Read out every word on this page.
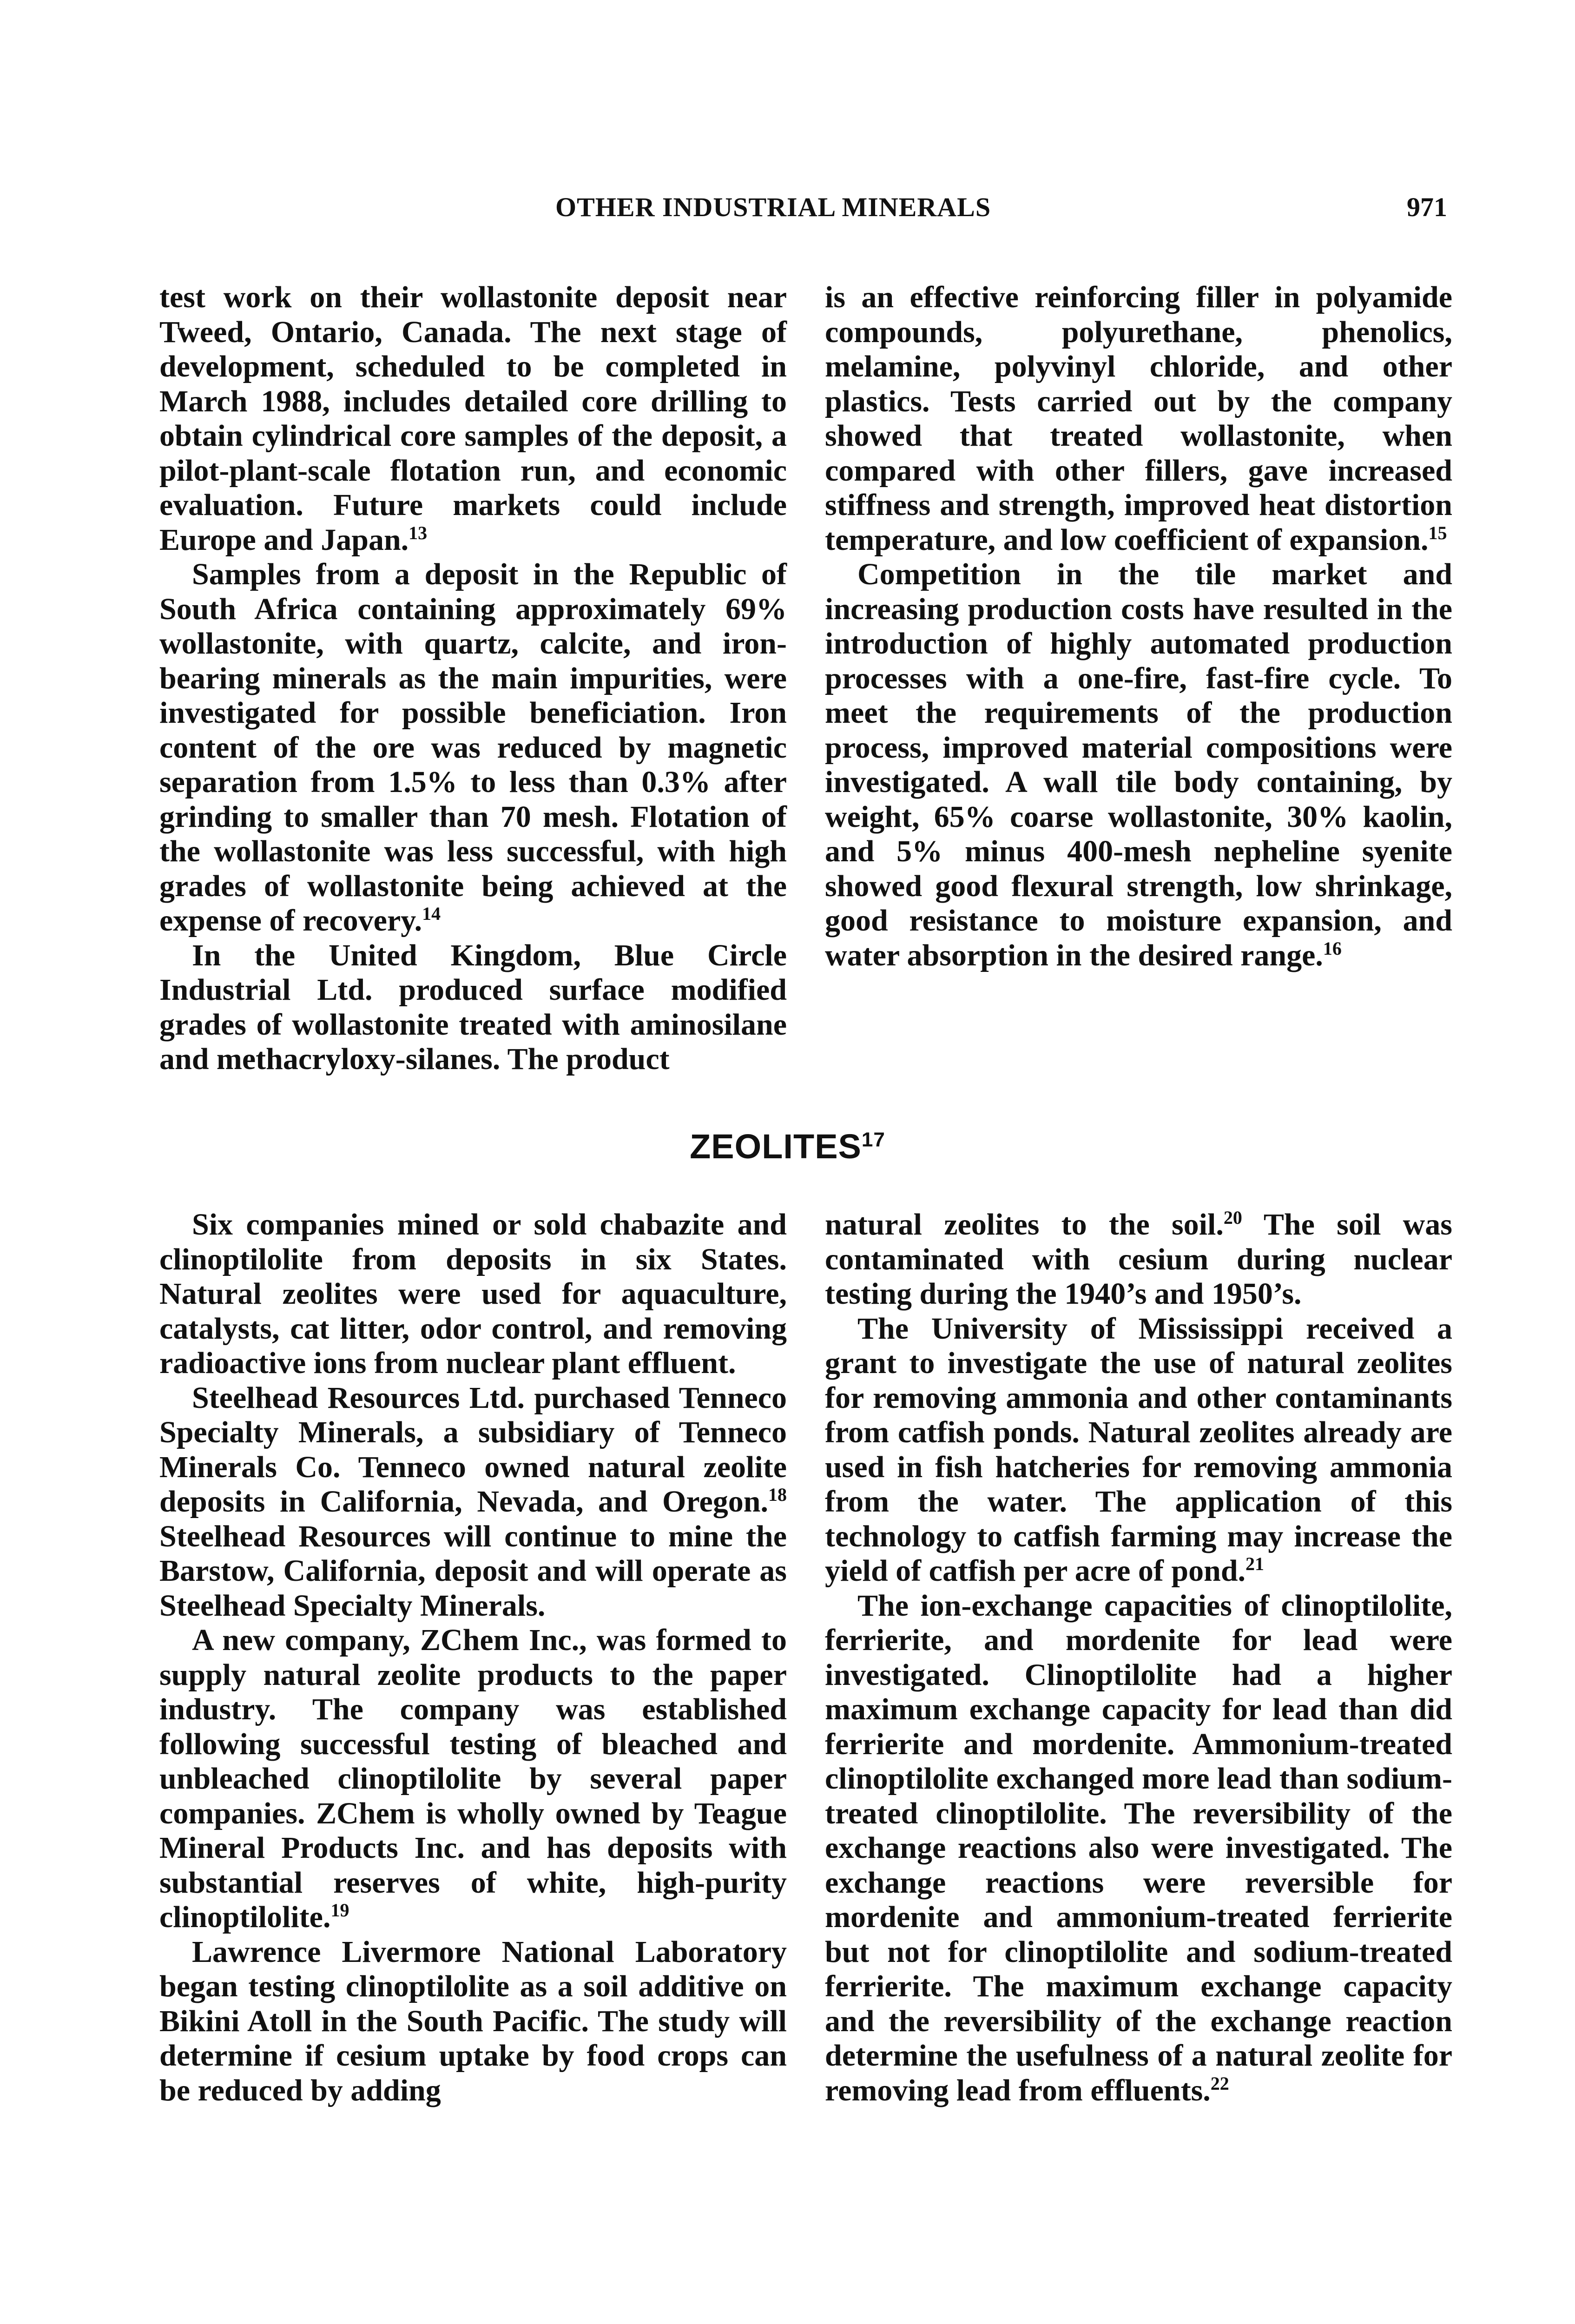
OTHER INDUSTRIAL MINERALS	971

test work on their wollastonite deposit near Tweed, Ontario, Canada. The next stage of development, scheduled to be completed in March 1988, includes detailed core drilling to obtain cylindrical core samples of the deposit, a pilot-plant-scale flotation run, and economic evaluation. Future markets could include Europe and Japan.$^{13}$

Samples from a deposit in the Republic of South Africa containing approximately 69% wollastonite, with quartz, calcite, and iron-bearing minerals as the main impurities, were investigated for possible beneficiation. Iron content of the ore was reduced by magnetic separation from 1.5% to less than 0.3% after grinding to smaller than 70 mesh. Flotation of the wollastonite was less successful, with high grades of wollastonite being achieved at the expense of recovery.$^{14}$

In the United Kingdom, Blue Circle Industrial Ltd. produced surface modified grades of wollastonite treated with aminosilane and methacryloxy-silanes. The product

is an effective reinforcing filler in polyamide compounds, polyurethane, phenolics, melamine, polyvinyl chloride, and other plastics. Tests carried out by the company showed that treated wollastonite, when compared with other fillers, gave increased stiffness and strength, improved heat distortion temperature, and low coefficient of expansion.$^{15}$

Competition in the tile market and increasing production costs have resulted in the introduction of highly automated production processes with a one-fire, fast-fire cycle. To meet the requirements of the production process, improved material compositions were investigated. A wall tile body containing, by weight, 65% coarse wollastonite, 30% kaolin, and 5% minus 400-mesh nepheline syenite showed good flexural strength, low shrinkage, good resistance to moisture expansion, and water absorption in the desired range.$^{16}$

ZEOLITES$^{17}$

Six companies mined or sold chabazite and clinoptilolite from deposits in six States. Natural zeolites were used for aquaculture, catalysts, cat litter, odor control, and removing radioactive ions from nuclear plant effluent.

Steelhead Resources Ltd. purchased Tenneco Specialty Minerals, a subsidiary of Tenneco Minerals Co. Tenneco owned natural zeolite deposits in California, Nevada, and Oregon.$^{18}$ Steelhead Resources will continue to mine the Barstow, California, deposit and will operate as Steelhead Specialty Minerals.

A new company, ZChem Inc., was formed to supply natural zeolite products to the paper industry. The company was established following successful testing of bleached and unbleached clinoptilolite by several paper companies. ZChem is wholly owned by Teague Mineral Products Inc. and has deposits with substantial reserves of white, high-purity clinoptilolite.$^{19}$

Lawrence Livermore National Laboratory began testing clinoptilolite as a soil additive on Bikini Atoll in the South Pacific. The study will determine if cesium uptake by food crops can be reduced by adding

natural zeolites to the soil.$^{20}$ The soil was contaminated with cesium during nuclear testing during the 1940’s and 1950’s.

The University of Mississippi received a grant to investigate the use of natural zeolites for removing ammonia and other contaminants from catfish ponds. Natural zeolites already are used in fish hatcheries for removing ammonia from the water. The application of this technology to catfish farming may increase the yield of catfish per acre of pond.$^{21}$

The ion-exchange capacities of clinoptilolite, ferrierite, and mordenite for lead were investigated. Clinoptilolite had a higher maximum exchange capacity for lead than did ferrierite and mordenite. Ammonium-treated clinoptilolite exchanged more lead than sodium-treated clinoptilolite. The reversibility of the exchange reactions also were investigated. The exchange reactions were reversible for mordenite and ammonium-treated ferrierite but not for clinoptilolite and sodium-treated ferrierite. The maximum exchange capacity and the reversibility of the exchange reaction determine the usefulness of a natural zeolite for removing lead from effluents.$^{22}$
